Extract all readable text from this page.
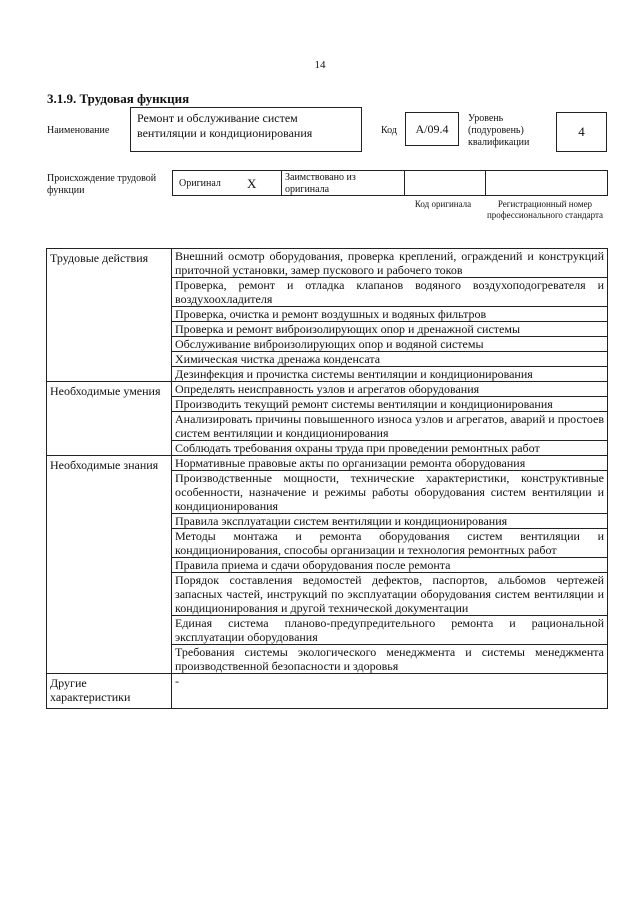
14
3.1.9. Трудовая функция
Наименование
Ремонт и обслуживание систем вентиляции и кондиционирования	Код	А/09.4
Уровень (подуровень) квалификации
4
Происхождение трудовой функции
Оригинал X	Заимствовано из оригинала
Код оригинала	Регистрационный номер профессионального стандарта
Трудовые действия	Внешний осмотр оборудования, проверка креплений, ограждений и конструкций приточной установки, замер пускового и рабочего токов
	Проверка, ремонт и отладка клапанов водяного воздухоподогревателя и воздухоохладителя
	Проверка, очистка и ремонт воздушных и водяных фильтров
	Проверка и ремонт виброизолирующих опор и дренажной системы
	Обслуживание виброизолирующих опор и водяной системы
	Химическая чистка дренажа конденсата
	Дезинфекция и прочистка системы вентиляции и кондиционирования
Необходимые умения	Определять неисправность узлов и агрегатов оборудования
	Производить текущий ремонт системы вентиляции и кондиционирования
	Анализировать причины повышенного износа узлов и агрегатов, аварий и простоев систем вентиляции и кондиционирования
	Соблюдать требования охраны труда при проведении ремонтных работ
Необходимые знания	Нормативные правовые акты по организации ремонта оборудования
	Производственные мощности, технические характеристики, конструктивные особенности, назначение и режимы работы оборудования систем вентиляции и кондиционирования
	Правила эксплуатации систем вентиляции и кондиционирования
	Методы монтажа и ремонта оборудования систем вентиляции и кондиционирования, способы организации и технология ремонтных работ
	Правила приема и сдачи оборудования после ремонта
	Порядок составления ведомостей дефектов, паспортов, альбомов чертежей запасных частей, инструкций по эксплуатации оборудования систем вентиляции и кондиционирования и другой технической документации
	Единая система планово-предупредительного ремонта и рациональной эксплуатации оборудования
	Требования системы экологического менеджмента и системы менеджмента производственной безопасности и здоровья
Другие характеристики	-
